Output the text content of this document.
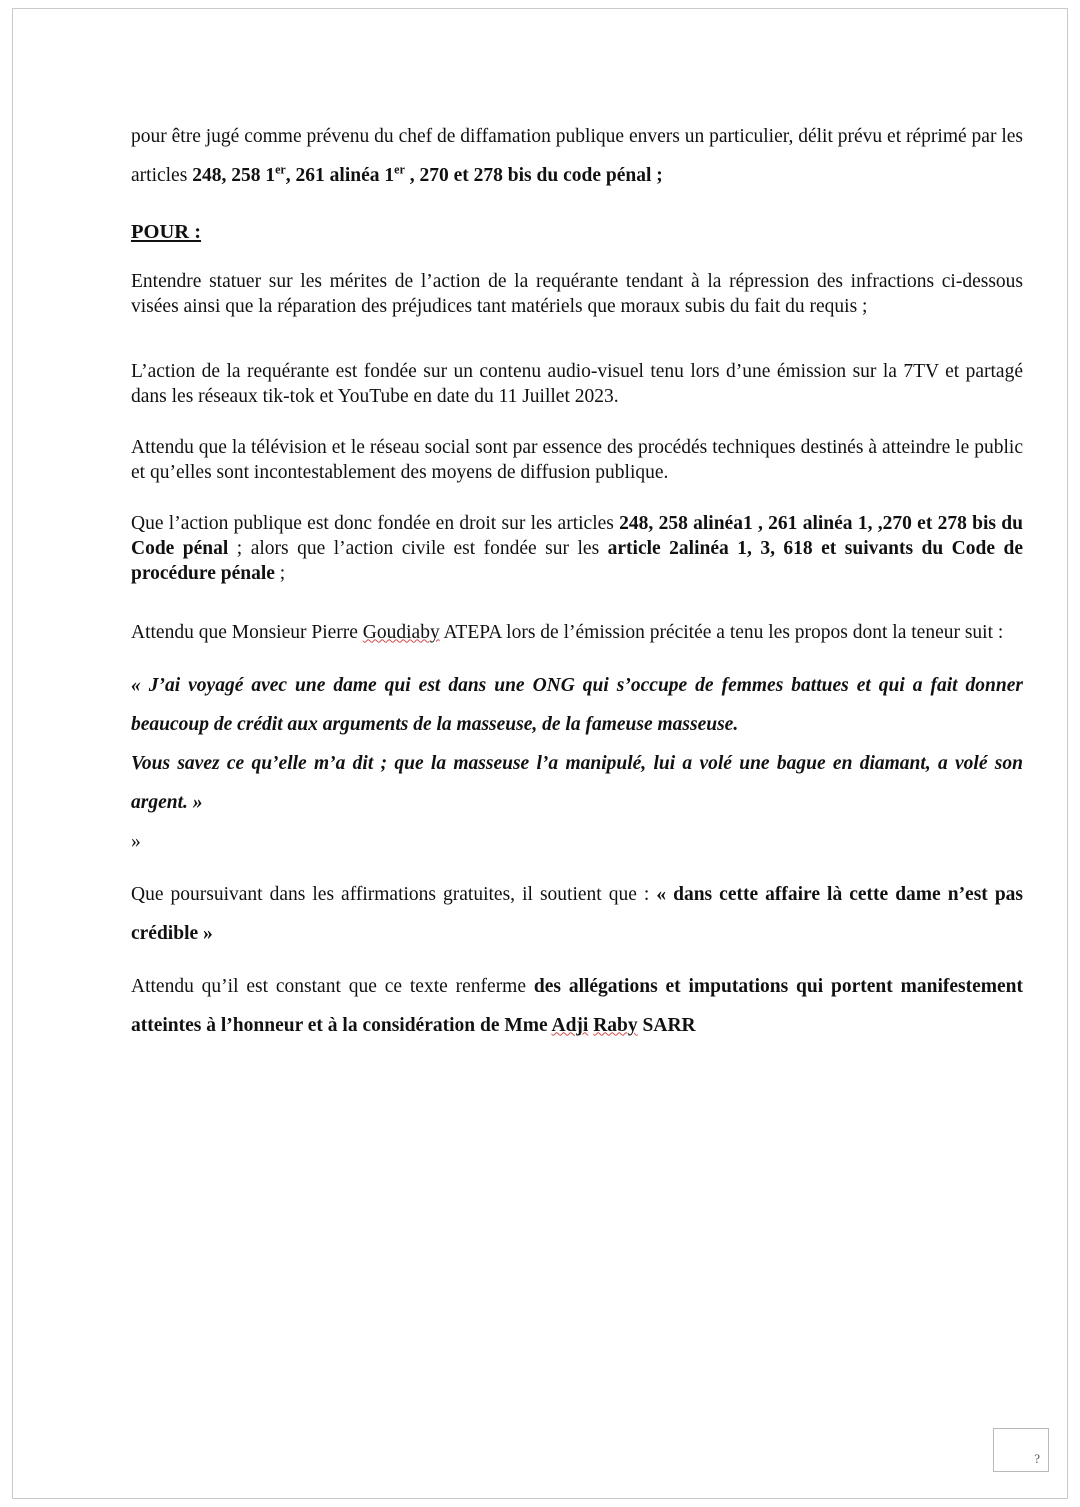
pour être jugé comme prévenu du chef de diffamation publique envers un particulier, délit prévu et réprimé par les articles 248, 258 1er, 261 alinéa 1er , 270 et 278 bis du code pénal ;

POUR :

Entendre statuer sur les mérites de l’action de la requérante tendant à la répression des infractions ci-dessous visées ainsi que la réparation des préjudices tant matériels que moraux subis du fait du requis ;

L’action de la requérante est fondée sur un contenu audio-visuel tenu lors d’une émission sur la 7TV et partagé dans les réseaux tik-tok et YouTube en date du 11 Juillet 2023.

Attendu que la télévision et le réseau social sont par essence des procédés techniques destinés à atteindre le public et qu’elles sont incontestablement des moyens de diffusion publique.

Que l’action publique est donc fondée en droit sur les articles 248, 258 alinéa1 , 261 alinéa 1, ,270 et 278 bis du Code pénal ; alors que l’action civile est fondée sur les article 2alinéa 1, 3, 618 et suivants du Code de procédure pénale ;

Attendu que Monsieur Pierre Goudiaby ATEPA lors de l’émission précitée a tenu les propos dont la teneur suit :

« J’ai voyagé avec une dame qui est dans une ONG qui s’occupe de femmes battues et qui a fait donner beaucoup de crédit aux arguments de la masseuse, de la fameuse masseuse.

Vous savez ce qu’elle m’a dit ; que la masseuse l’a manipulé, lui a volé une bague en diamant, a volé son argent. »

»

Que poursuivant dans les affirmations gratuites, il soutient que : « dans cette affaire là cette dame n’est pas crédible »

Attendu qu’il est constant que ce texte renferme des allégations et imputations qui portent manifestement atteintes à l’honneur et à la considération de Mme Adji Raby SARR

?
